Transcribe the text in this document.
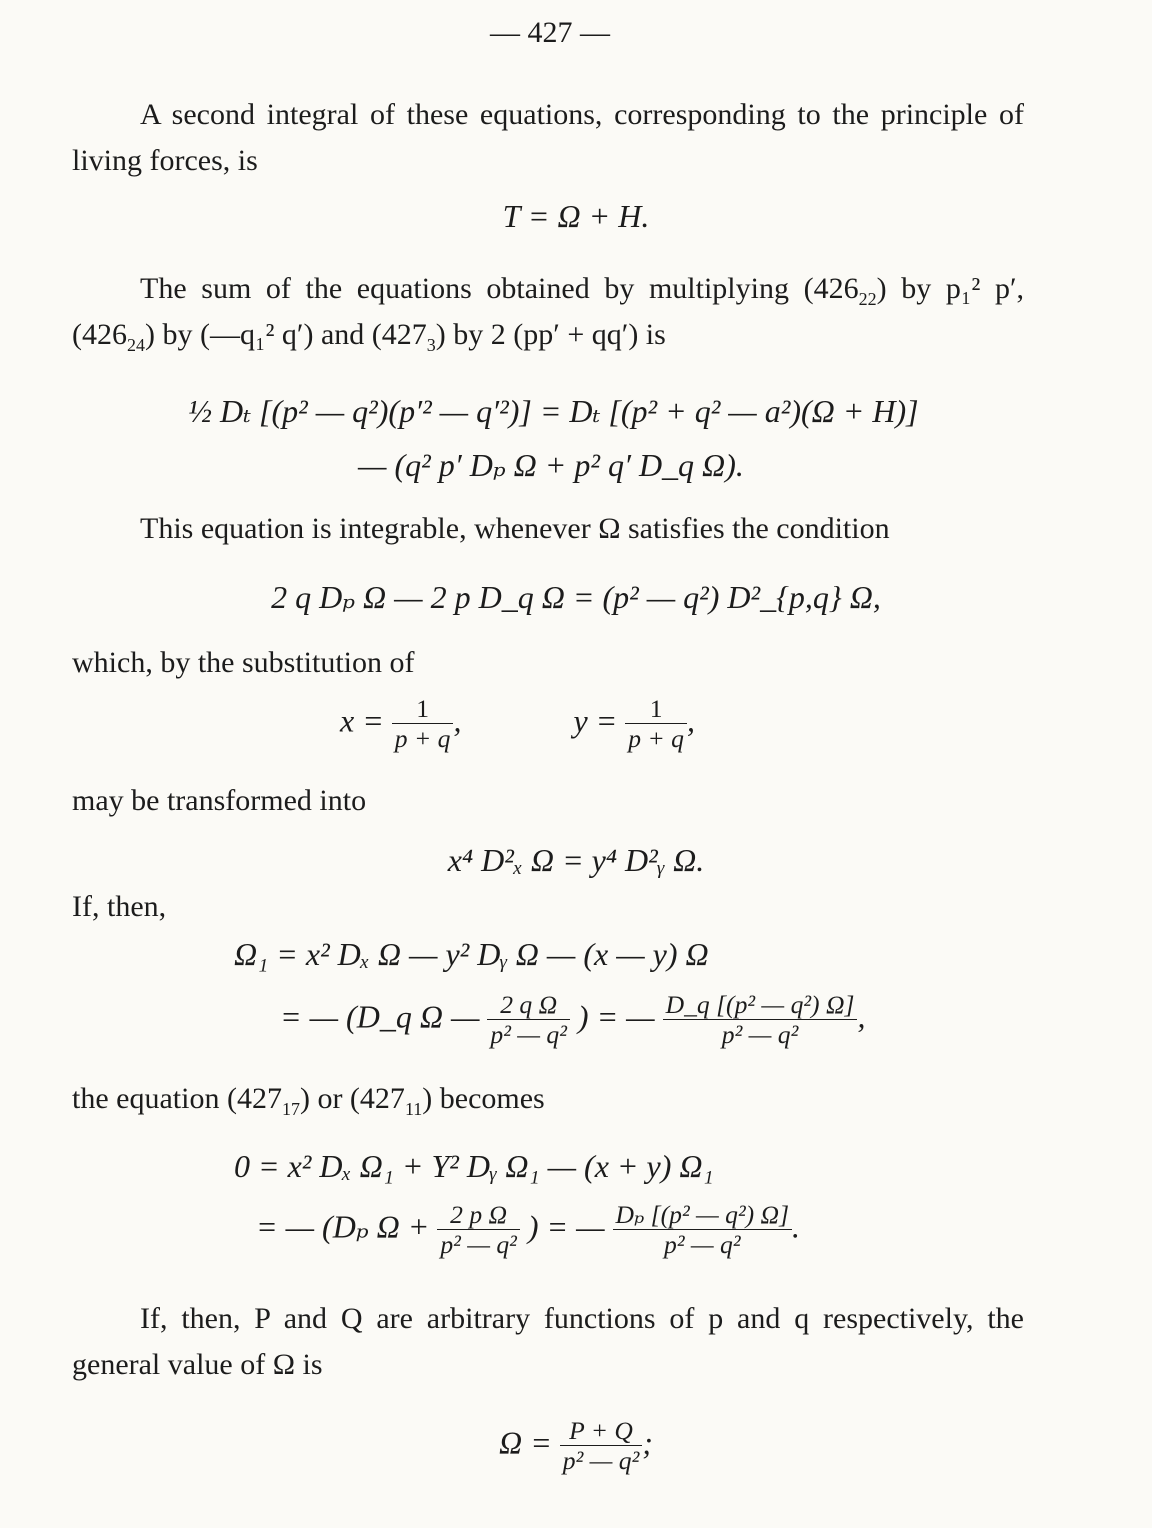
— 427 —
A second integral of these equations, corresponding to the principle of living forces, is
T = Ω + H.
The sum of the equations obtained by multiplying $(426_{22})$ by p₁² p′, $(426_{24})$ by (—q₁² q′) and $(427_3)$ by 2 (pp′ + qq′) is
½ Dₜ [(p² — q²)(p′² — q′²)] = Dₜ [(p² + q² — a²)(Ω + H)]
— (q² p′ Dₚ Ω + p² q′ D_q Ω).
This equation is integrable, whenever Ω satisfies the condition
2 q Dₚ Ω — 2 p D_q Ω = (p² — q²) D²_{p,q} Ω,
which, by the substitution of
$x = \frac{1}{p + q}$ ,	$y = \frac{1}{p + q}$ ,
may be transformed into
x⁴ D²ₓ Ω = y⁴ D²ᵧ Ω.
If, then,
Ω₁ = x² Dₓ Ω — y² Dᵧ Ω — (x — y) Ω
= — (D_q Ω — $\frac{\text{2 q Ω}}{\text{p² — q²}}$ ) = — $\frac{\text{D\_q [(p² — q²) Ω]}}{\text{p² — q²}}$ ,
the equation $(427_{17})$ or $(427_{11})$ becomes
0 = x² Dₓ Ω₁ + Y² Dᵧ Ω₁ — (x + y) Ω₁
= — (Dₚ $\Omega + \frac{\text{2 p Ω}}{\text{p² — q²}}$ ) = — $\frac{\text{Dₚ [(p² — q²) Ω]}}{\text{p² — q²}}$ .
If, then, P and Q are arbitrary functions of p and q respectively, the general value of Ω is
$\Omega = \frac{P + Q}{\text{p² — q²}}$ ;
